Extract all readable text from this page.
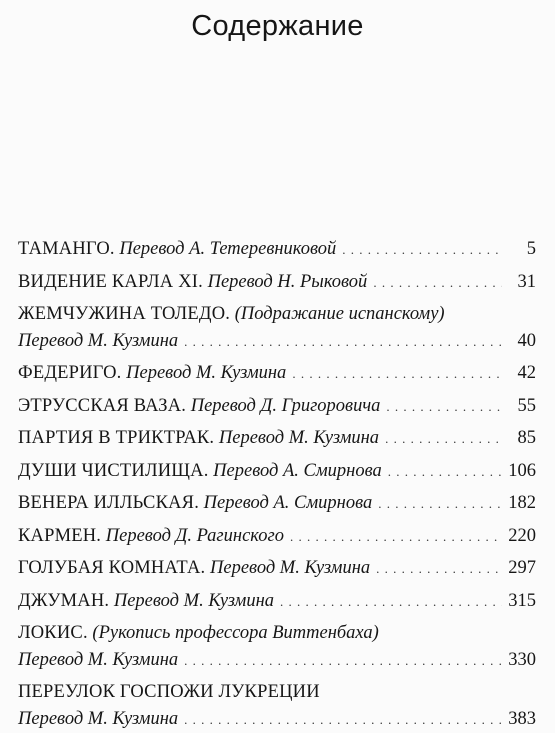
Содержание
ТАМАНГО.
Перевод А. Тетеревниковой . . .	5
ВИДЕНИЕ КАРЛА XI.
Перевод Н. Рыковой . . .	31
ЖЕМЧУЖИНА ТОЛЕДО.
(Подражание испанскому)
Перевод М. Кузмина . . .	40
ФЕДЕРИГО.
Перевод М. Кузмина . . .	42
ЭТРУССКАЯ ВАЗА.
Перевод Д. Григоровича . . .	55
ПАРТИЯ В ТРИКТРАК.
Перевод М. Кузмина . . .	85
ДУШИ ЧИСТИЛИЩА.
Перевод А. Смирнова . . .	106
ВЕНЕРА ИЛЛЬСКАЯ.
Перевод А. Смирнова . . .	182
КАРМЕН.
Перевод Д. Рагинского . . .	220
ГОЛУБАЯ КОМНАТА.
Перевод М. Кузмина . . .	297
ДЖУМАН.
Перевод М. Кузмина . . .	315
ЛОКИС.
(Рукопись профессора Виттенбаха)
Перевод М. Кузмина . . .	330
ПЕРЕУЛОК ГОСПОЖИ ЛУКРЕЦИИ
Перевод М. Кузмина . . .	383
